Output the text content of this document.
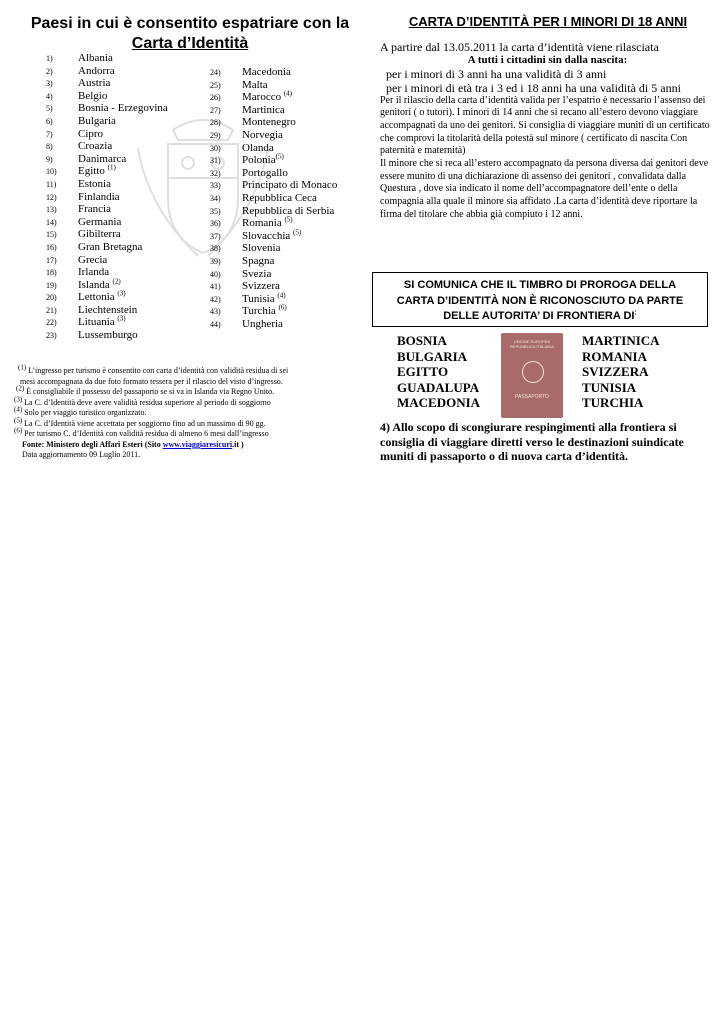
Paesi in cui è consentito espatriare con la Carta d’Identità
1) Albania
2) Andorra
3) Austria
4) Belgio
5) Bosnia - Erzegovina
6) Bulgaria
7) Cipro
8) Croazia
9) Danimarca
10) Egitto $^{(1)}$
11) Estonia
12) Finlandia
13) Francia
14) Germania
15) Gibilterra
16) Gran Bretagna
17) Grecia
18) Irlanda
19) Islanda $^{(2)}$
20) Lettonia $^{(3)}$
21) Liechtenstein
22) Lituania $^{(3)}$
23) Lussemburgo
24) Macedonia
25) Malta
26) Marocco $^{(4)}$
27) Martinica
28) Montenegro
29) Norvegia
30) Olanda
31) Polonia$^{(5)}$
32) Portogallo
33) Principato di Monaco
34) Repubblica Ceca
35) Repubblica di Serbia
36) Romania $^{(5)}$
37) Slovacchia $^{(5)}$
38) Slovenia
39) Spagna
40) Svezia
41) Svizzera
42) Tunisia $^{(4)}$
43) Turchia $^{(6)}$
44) Ungheria
$^{(1)}$ L’ingresso per turismo è consentito con carta d’identità con validità residua di sei
mesi accompagnata da due foto formato tessera per il rilascio del visto d’ingresso.
$^{(2)}$ È consigliabile il possesso del passaporto se si va in Islanda via Regno Unito.
$^{(3)}$ La C. d’Identità deve avere validità residua superiore al periodo di soggiorno
$^{(4)}$ Solo per viaggio turistico organizzato.
$^{(5)}$ La C. d’Identità viene accettata per soggiorno fino ad un massimo di 90 gg.
$^{(6)}$ Per turismo C. d’Identità con validità residua di almeno 6 mesi dall’ingresso
Fonte: Ministero degli Affari Esteri (Sito www.viaggiaresicuri.it )
Data aggiornamento 09 Luglio 2011.
CARTA D’IDENTITÀ PER I MINORI DI 18 ANNI

A partire dal 13.05.2011 la carta d’identità viene rilasciata

A tutti i cittadini sin dalla nascita:

per i minori di 3 anni ha una validità di 3 anni

per i minori di età tra i 3 ed i 18 anni ha una validità di 5 anni

Per il rilascio della carta d’identità valida per l’espatrio è necessario l’assenso dei genitori ( o tutori). I minori di 14 anni che si recano all’estero devono viaggiare accompagnati da uno dei genitori. Si consiglia di viaggiare muniti di un certificato che comprovi la titolarità della potestà sul minore ( certificato di nascita Con paternità e maternità)

Il minore che si reca all’estero accompagnato da persona diversa dai genitori deve essere munito di una dichiarazione di assenso dei genitori , convalidata dalla Questura , dove sia indicato il nome dell’accompagnatore dell’ente o della compagnia alla quale il minore sia affidato .La carta d’identità deve riportare la firma del titolare che abbia già compiuto i 12 anni.

SI COMUNICA CHE IL TIMBRO DI PROROGA DELLA
CARTA D’IDENTITÀ NON È RICONOSCIUTO DA PARTE
DELLE AUTORITA’ DI FRONTIERA DI:
BOSNIA
BULGARIA
EGITTO
GUADALUPA
MACEDONIA
UNIONE EUROPEA
REPUBBLICA ITALIANA
PASSAPORTO
MARTINICA
ROMANIA
SVIZZERA
TUNISIA
TURCHIA
4) Allo scopo di scongiurare respingimenti alla frontiera si consiglia di viaggiare diretti verso le destinazioni suindicate muniti di passaporto o di nuova carta d’identità.
